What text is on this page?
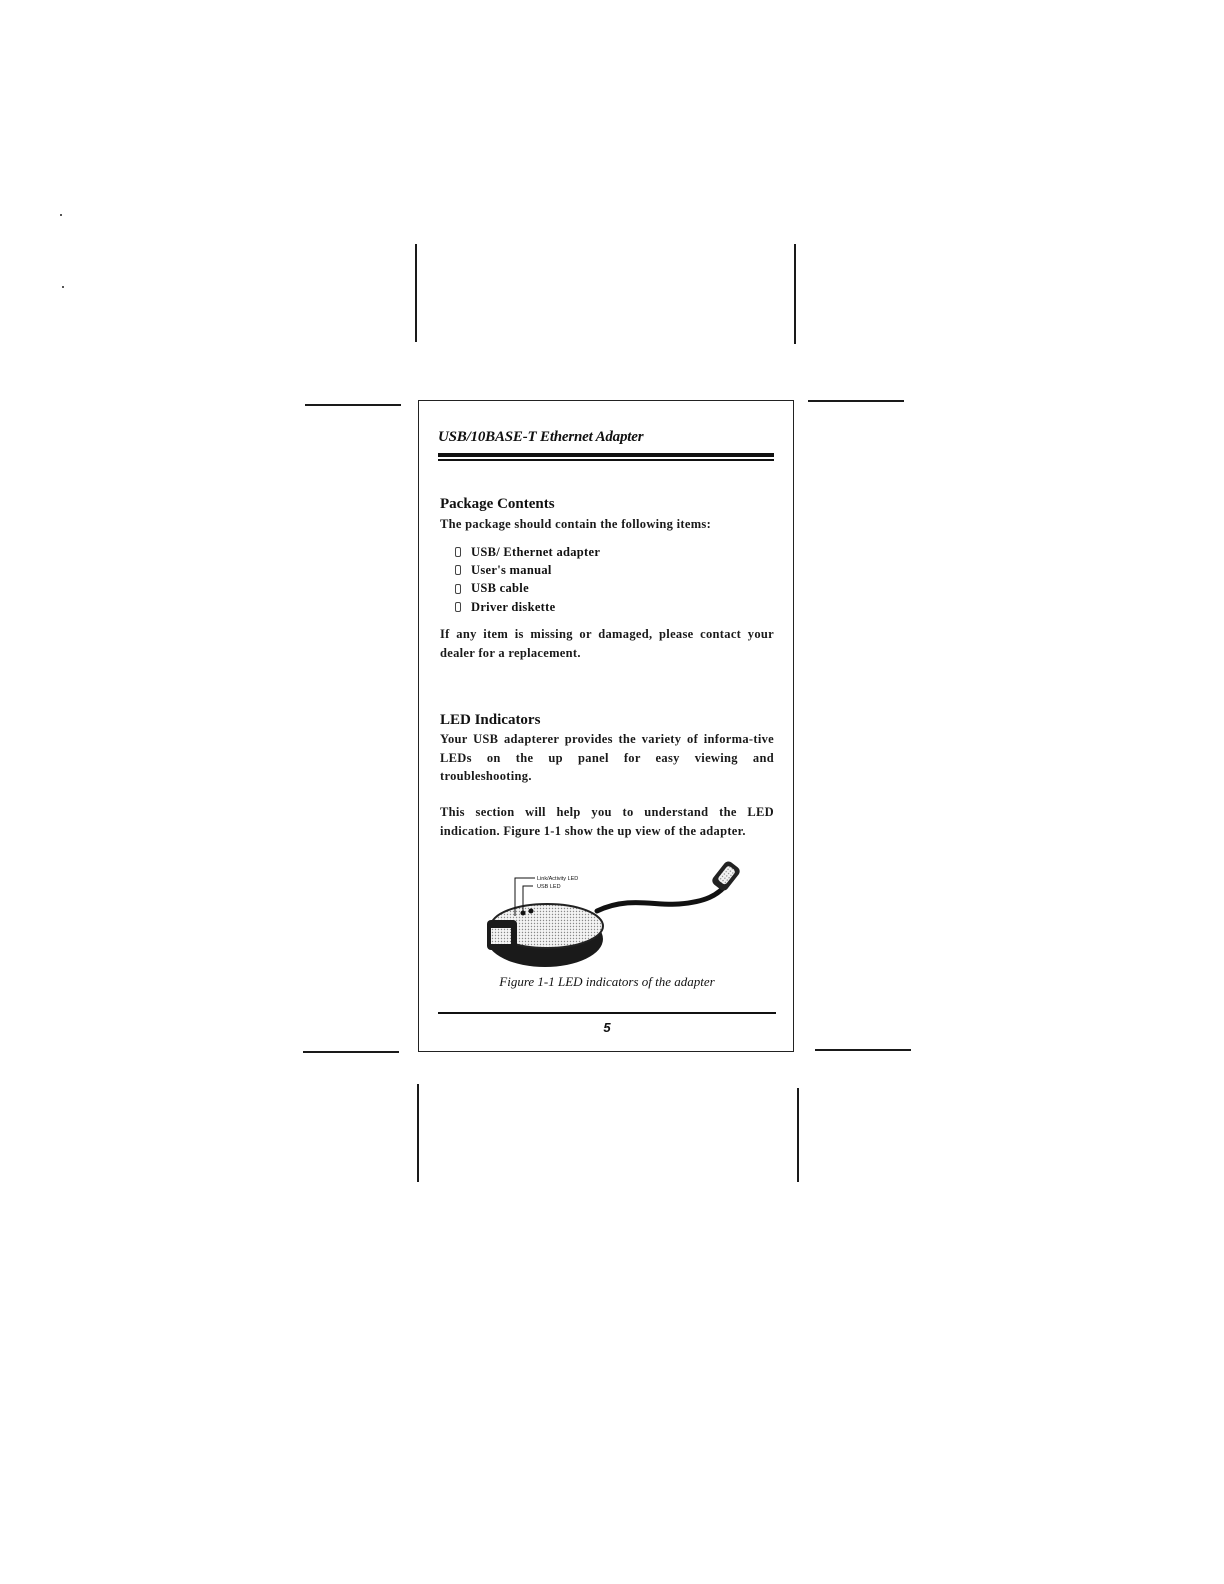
USB/10BASE-T Ethernet Adapter
Package Contents
The package should contain the following items:
USB/ Ethernet adapter
User's manual
USB cable
Driver diskette
If any item is missing or damaged, please contact your dealer for a replacement.
LED Indicators
Your USB adapterer provides the variety of informa-tive LEDs on the up panel for easy viewing and troubleshooting.
This section will help you to understand the LED indication. Figure 1-1 show the up view of the adapter.
Link/Activity LED
USB LED
Figure 1-1 LED indicators of the adapter
5
